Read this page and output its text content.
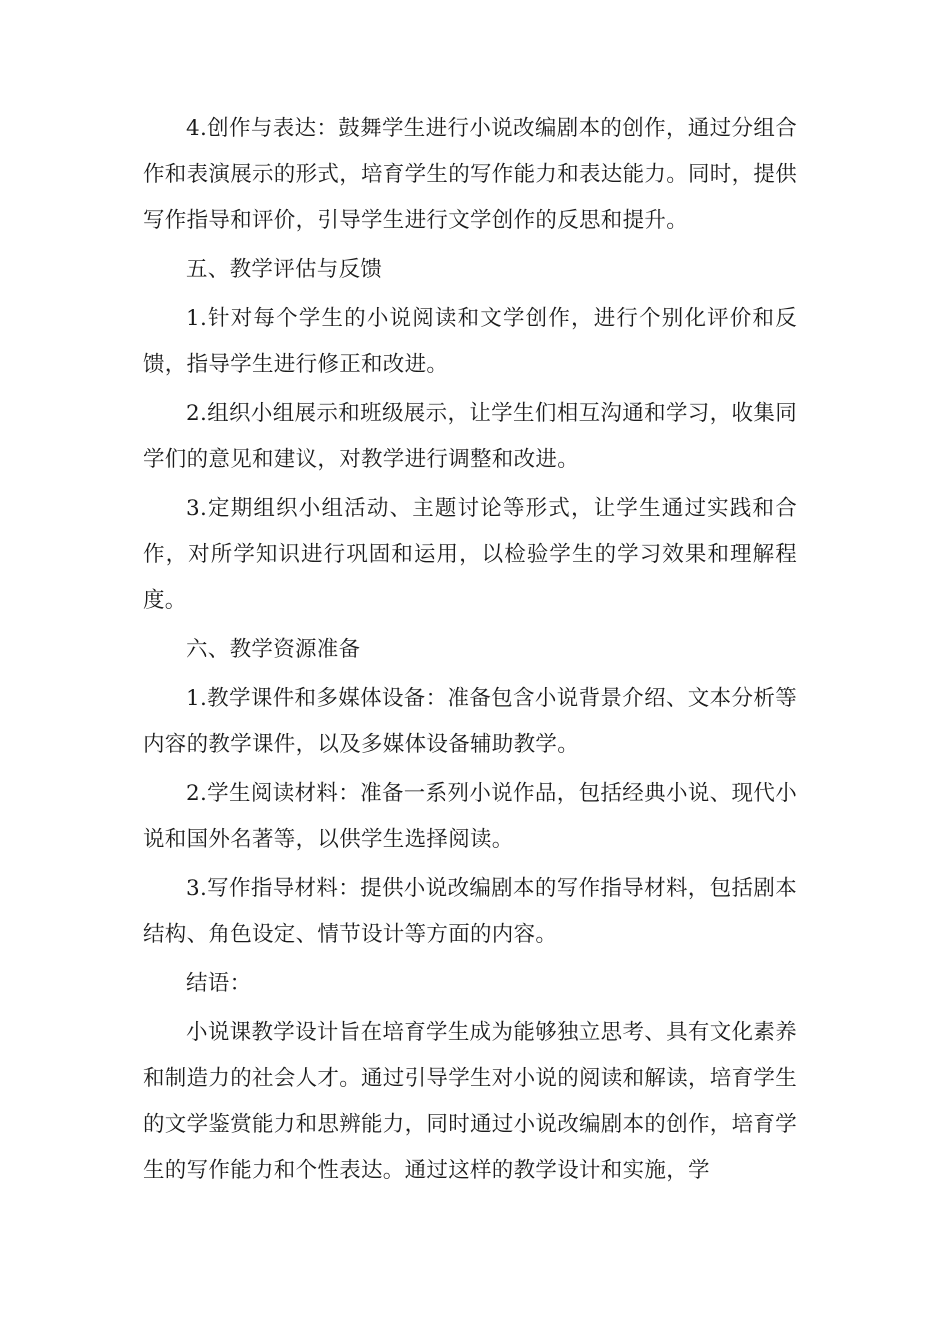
4.创作与表达：鼓舞学生进行小说改编剧本的创作，通过分组合作和表演展示的形式，培育学生的写作能力和表达能力。同时，提供写作指导和评价，引导学生进行文学创作的反思和提升。

五、教学评估与反馈

1.针对每个学生的小说阅读和文学创作，进行个别化评价和反馈，指导学生进行修正和改进。

2.组织小组展示和班级展示，让学生们相互沟通和学习，收集同学们的意见和建议，对教学进行调整和改进。

3.定期组织小组活动、主题讨论等形式，让学生通过实践和合作，对所学知识进行巩固和运用，以检验学生的学习效果和理解程度。

六、教学资源准备

1.教学课件和多媒体设备：准备包含小说背景介绍、文本分析等内容的教学课件，以及多媒体设备辅助教学。

2.学生阅读材料：准备一系列小说作品，包括经典小说、现代小说和国外名著等，以供学生选择阅读。

3.写作指导材料：提供小说改编剧本的写作指导材料，包括剧本结构、角色设定、情节设计等方面的内容。

结语：

小说课教学设计旨在培育学生成为能够独立思考、具有文化素养和制造力的社会人才。通过引导学生对小说的阅读和解读，培育学生的文学鉴赏能力和思辨能力，同时通过小说改编剧本的创作，培育学生的写作能力和个性表达。通过这样的教学设计和实施，学
